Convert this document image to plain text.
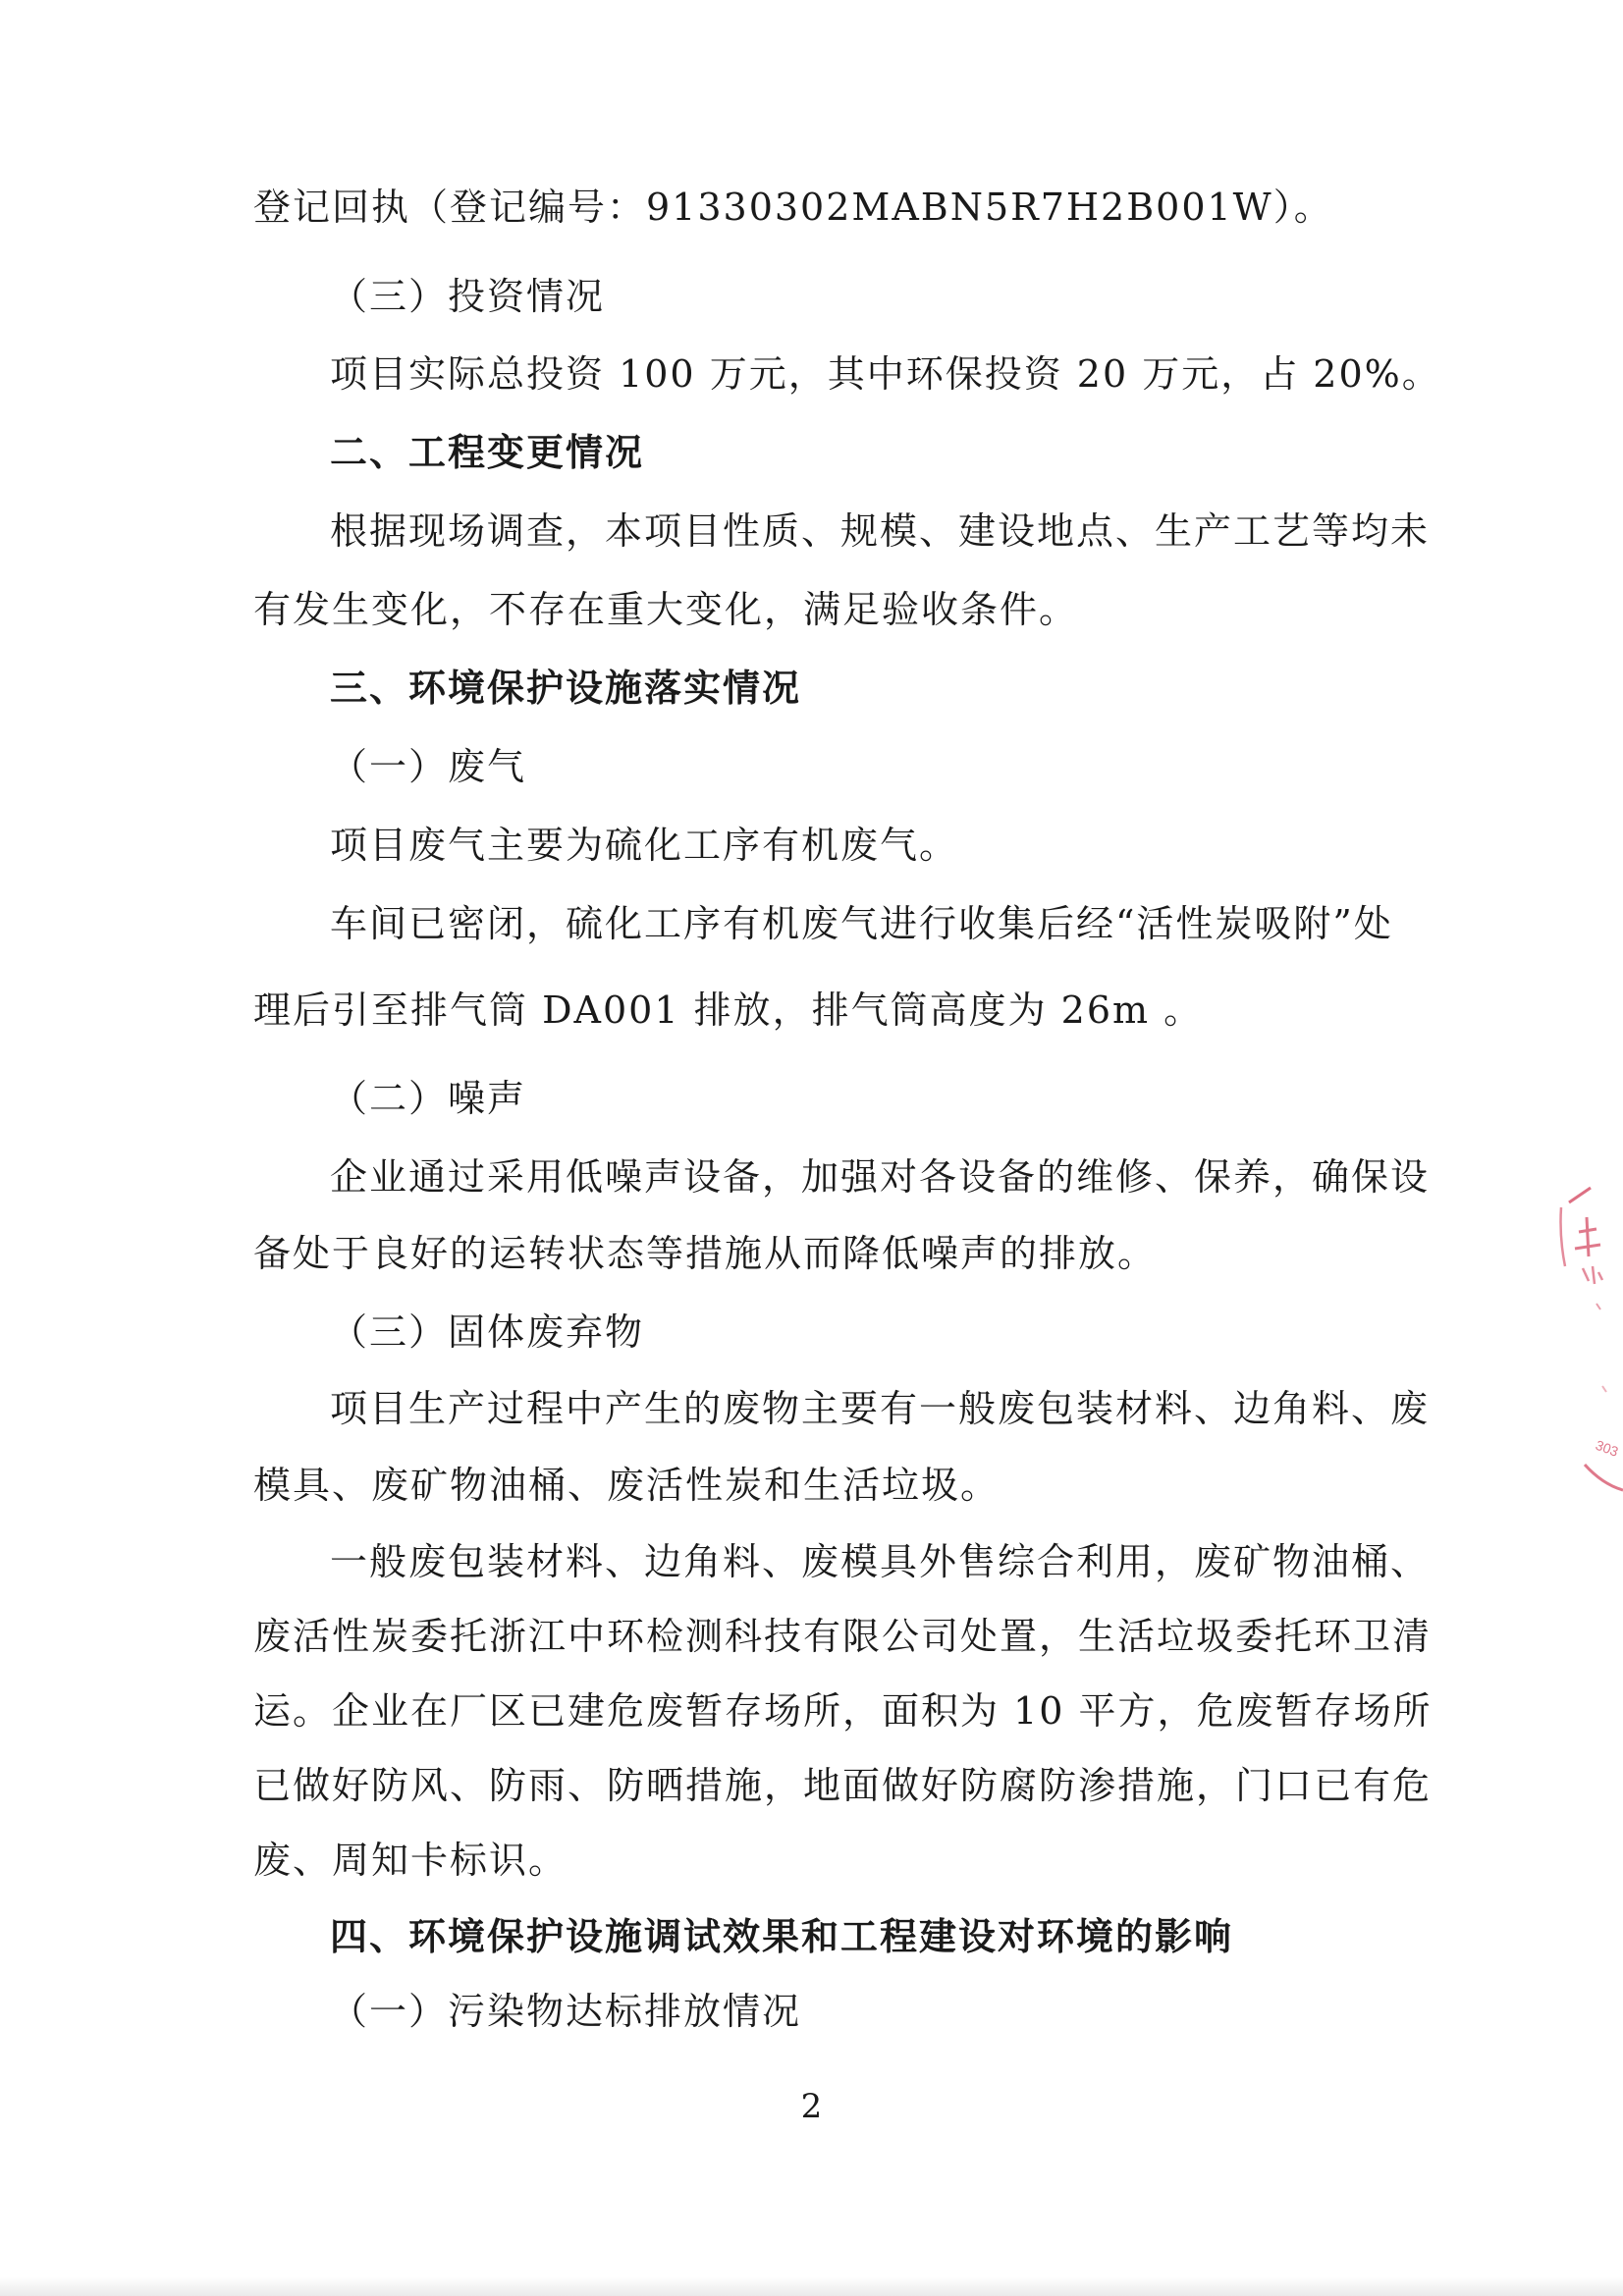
登记回执（登记编号：91330302MABN5R7H2B001W）。
（三）投资情况
项目实际总投资 100 万元，其中环保投资 20 万元，占 20%。
二、工程变更情况
根据现场调查，本项目性质、规模、建设地点、生产工艺等均未
有发生变化，不存在重大变化，满足验收条件。
三、环境保护设施落实情况
（一）废气
项目废气主要为硫化工序有机废气。
车间已密闭，硫化工序有机废气进行收集后经“活性炭吸附”处
理后引至排气筒 DA001 排放，排气筒高度为 26m 。
（二）噪声
企业通过采用低噪声设备，加强对各设备的维修、保养，确保设
备处于良好的运转状态等措施从而降低噪声的排放。
（三）固体废弃物
项目生产过程中产生的废物主要有一般废包装材料、边角料、废
模具、废矿物油桶、废活性炭和生活垃圾。
一般废包装材料、边角料、废模具外售综合利用，废矿物油桶、
废活性炭委托浙江中环检测科技有限公司处置，生活垃圾委托环卫清
运。企业在厂区已建危废暂存场所，面积为 10 平方，危废暂存场所
已做好防风、防雨、防晒措施，地面做好防腐防渗措施，门口已有危
废、周知卡标识。
四、环境保护设施调试效果和工程建设对环境的影响
（一）污染物达标排放情况
2
303
